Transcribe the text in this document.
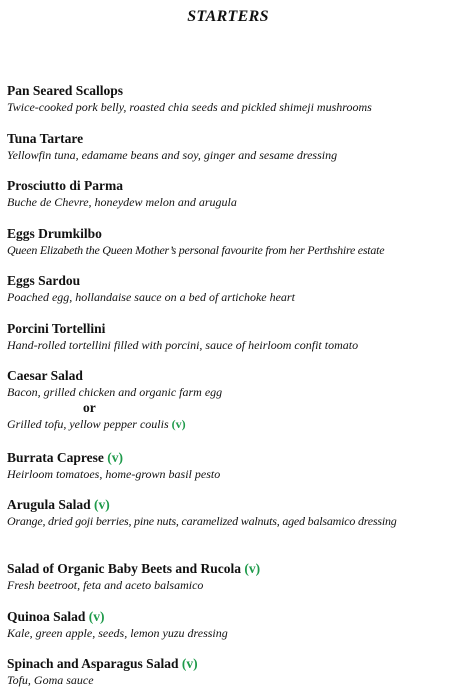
STARTERS
Pan Seared Scallops
Twice-cooked pork belly, roasted chia seeds and pickled shimeji mushrooms
Tuna Tartare
Yellowfin tuna, edamame beans and soy, ginger and sesame dressing
Prosciutto di Parma
Buche de Chevre, honeydew melon and arugula
Eggs Drumkilbo
Queen Elizabeth the Queen Mother’s personal favourite from her Perthshire estate
Eggs Sardou
Poached egg, hollandaise sauce on a bed of artichoke heart
Porcini Tortellini
Hand-rolled tortellini filled with porcini, sauce of heirloom confit tomato
Caesar Salad
Bacon, grilled chicken and organic farm egg
or
Grilled tofu, yellow pepper coulis (v)
Burrata Caprese (v)
Heirloom tomatoes, home-grown basil pesto
Arugula Salad (v)
Orange, dried goji berries, pine nuts, caramelized walnuts, aged balsamico dressing
Salad of Organic Baby Beets and Rucola (v)
Fresh beetroot, feta and aceto balsamico
Quinoa Salad (v)
Kale, green apple, seeds, lemon yuzu dressing
Spinach and Asparagus Salad (v)
Tofu, Goma sauce
